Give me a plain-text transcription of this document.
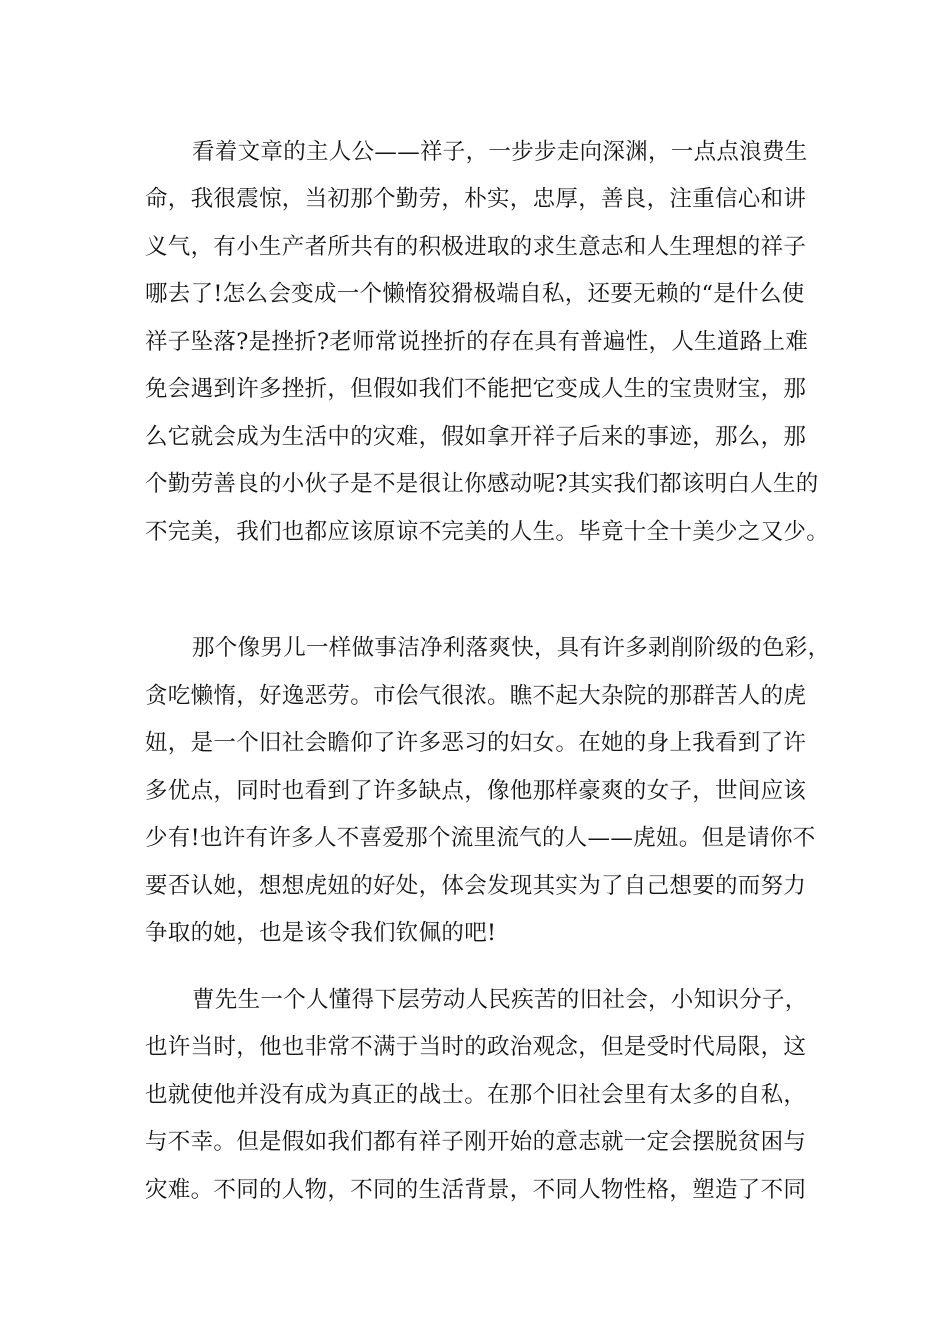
看着文章的主人公——祥子，一步步走向深渊，一点点浪费生
命，我很震惊，当初那个勤劳，朴实，忠厚，善良，注重信心和讲
义气，有小生产者所共有的积极进取的求生意志和人生理想的祥子
哪去了!怎么会变成一个懒惰狡猾极端自私，还要无赖的“是什么使
祥子坠落?是挫折?老师常说挫折的存在具有普遍性，人生道路上难
免会遇到许多挫折，但假如我们不能把它变成人生的宝贵财宝，那
么它就会成为生活中的灾难，假如拿开祥子后来的事迹，那么，那
个勤劳善良的小伙子是不是很让你感动呢?其实我们都该明白人生的
不完美，我们也都应该原谅不完美的人生。毕竟十全十美少之又少。
那个像男儿一样做事洁净利落爽快，具有许多剥削阶级的色彩，
贪吃懒惰，好逸恶劳。市侩气很浓。瞧不起大杂院的那群苦人的虎
妞，是一个旧社会瞻仰了许多恶习的妇女。在她的身上我看到了许
多优点，同时也看到了许多缺点，像他那样豪爽的女子，世间应该
少有!也许有许多人不喜爱那个流里流气的人——虎妞。但是请你不
要否认她，想想虎妞的好处，体会发现其实为了自己想要的而努力
争取的她，也是该令我们钦佩的吧!
曹先生一个人懂得下层劳动人民疾苦的旧社会，小知识分子，
也许当时，他也非常不满于当时的政治观念，但是受时代局限，这
也就使他并没有成为真正的战士。在那个旧社会里有太多的自私，
与不幸。但是假如我们都有祥子刚开始的意志就一定会摆脱贫困与
灾难。不同的人物，不同的生活背景，不同人物性格，塑造了不同
